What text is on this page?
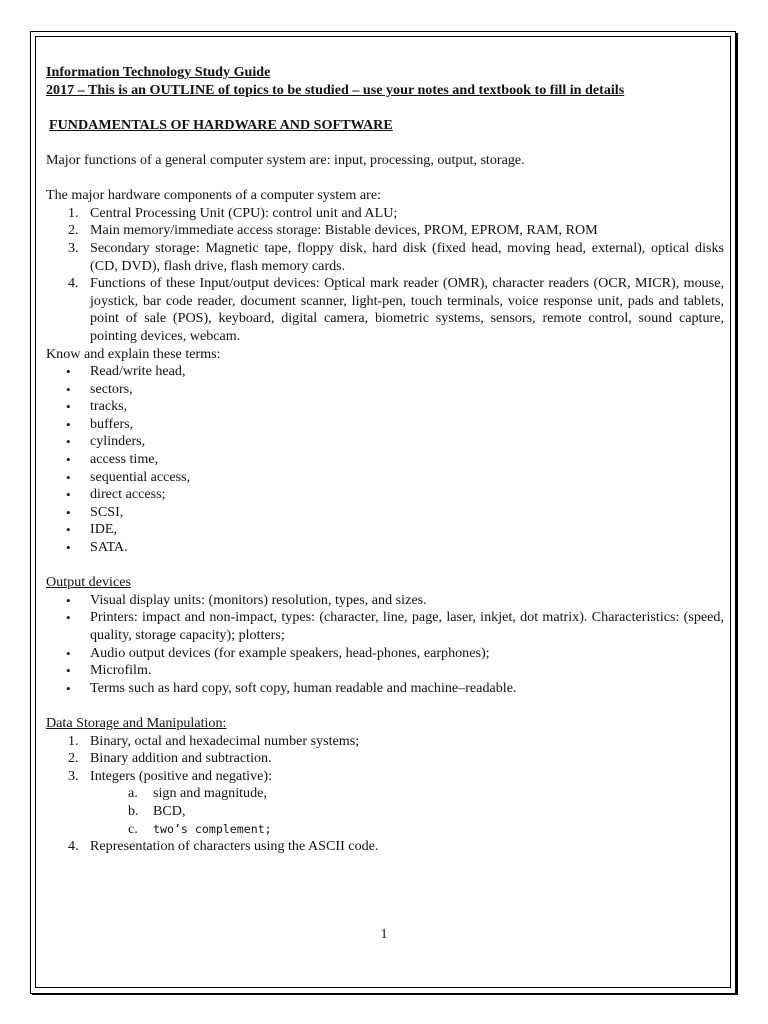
Information Technology Study Guide

2017 – This is an OUTLINE of topics to be studied – use your notes and textbook to fill in details

FUNDAMENTALS OF HARDWARE AND SOFTWARE

Major functions of a general computer system are: input, processing, output, storage.

The major hardware components of a computer system are:

1. Central Processing Unit (CPU): control unit and ALU;
2. Main memory/immediate access storage: Bistable devices, PROM, EPROM, RAM, ROM
3. Secondary storage: Magnetic tape, floppy disk, hard disk (fixed head, moving head, external), optical disks (CD, DVD), flash drive, flash memory cards.
4. Functions of these Input/output devices: Optical mark reader (OMR), character readers (OCR, MICR), mouse, joystick, bar code reader, document scanner, light-pen, touch terminals, voice response unit, pads and tablets, point of sale (POS), keyboard, digital camera, biometric systems, sensors, remote control, sound capture, pointing devices, webcam.

Know and explain these terms:

• Read/write head,
• sectors,
• tracks,
• buffers,
• cylinders,
• access time,
• sequential access,
• direct access;
• SCSI,
• IDE,
• SATA.

Output devices

• Visual display units: (monitors) resolution, types, and sizes.
• Printers: impact and non-impact, types: (character, line, page, laser, inkjet, dot matrix). Characteristics: (speed, quality, storage capacity); plotters;
• Audio output devices (for example speakers, head-phones, earphones);
• Microfilm.
• Terms such as hard copy, soft copy, human readable and machine–readable.

Data Storage and Manipulation:

1. Binary, octal and hexadecimal number systems;
2. Binary addition and subtraction.
3. Integers (positive and negative):
a. sign and magnitude,
b. BCD,
c. two’s complement;
4. Representation of characters using the ASCII code.
1
